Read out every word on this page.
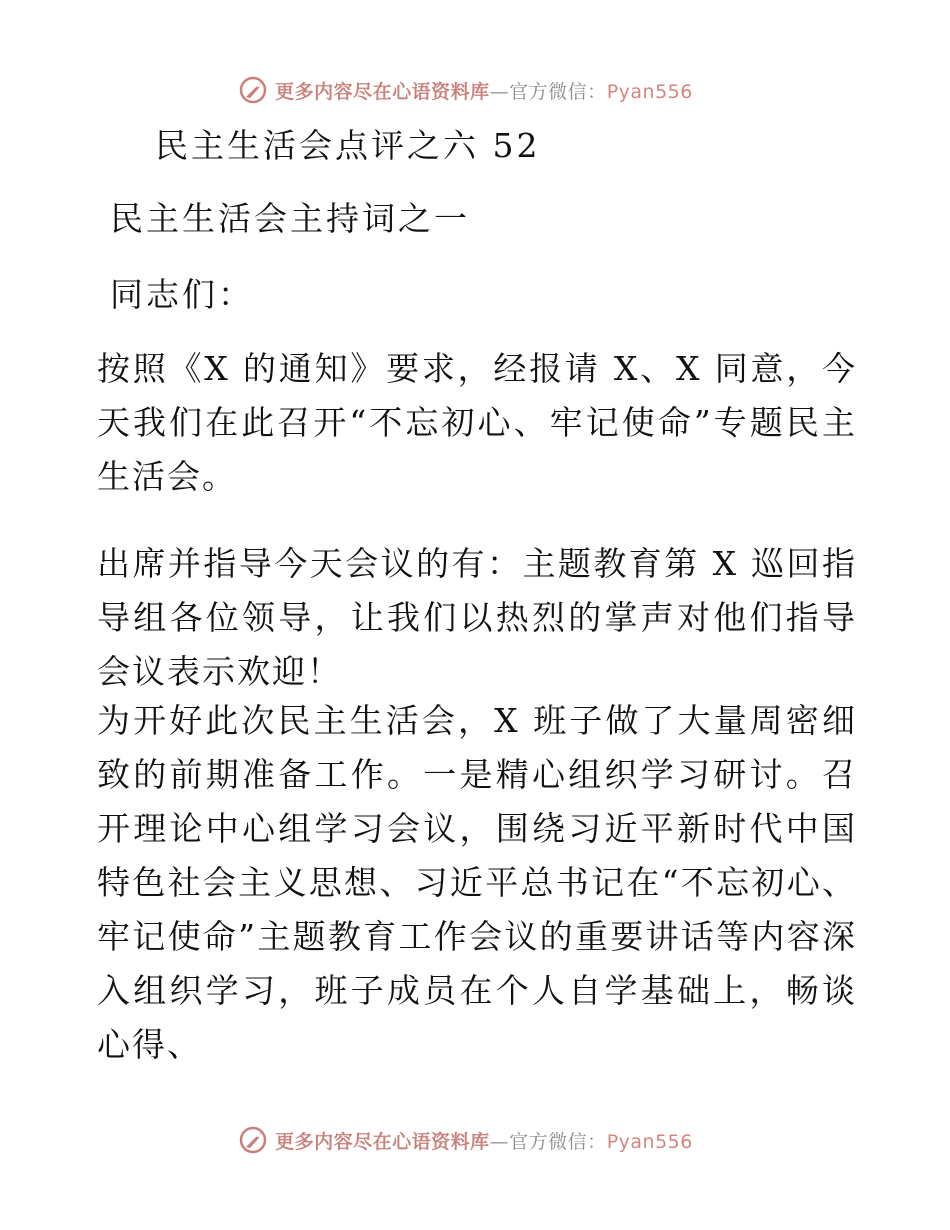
更多内容尽在心语资料库—官方微信：Pyan556
民主生活会点评之六 52
民主生活会主持词之一
同志们：
按照《X 的通知》要求，经报请 X、X 同意，今天我们在此召开“不忘初心、牢记使命”专题民主生活会。
出席并指导今天会议的有：主题教育第 X 巡回指导组各位领导，让我们以热烈的掌声对他们指导会议表示欢迎！
为开好此次民主生活会，X 班子做了大量周密细致的前期准备工作。一是精心组织学习研讨。召开理论中心组学习会议，围绕习近平新时代中国特色社会主义思想、习近平总书记在“不忘初心、牢记使命”主题教育工作会议的重要讲话等内容深入组织学习，班子成员在个人自学基础上，畅谈心得、
更多内容尽在心语资料库—官方微信：Pyan556
